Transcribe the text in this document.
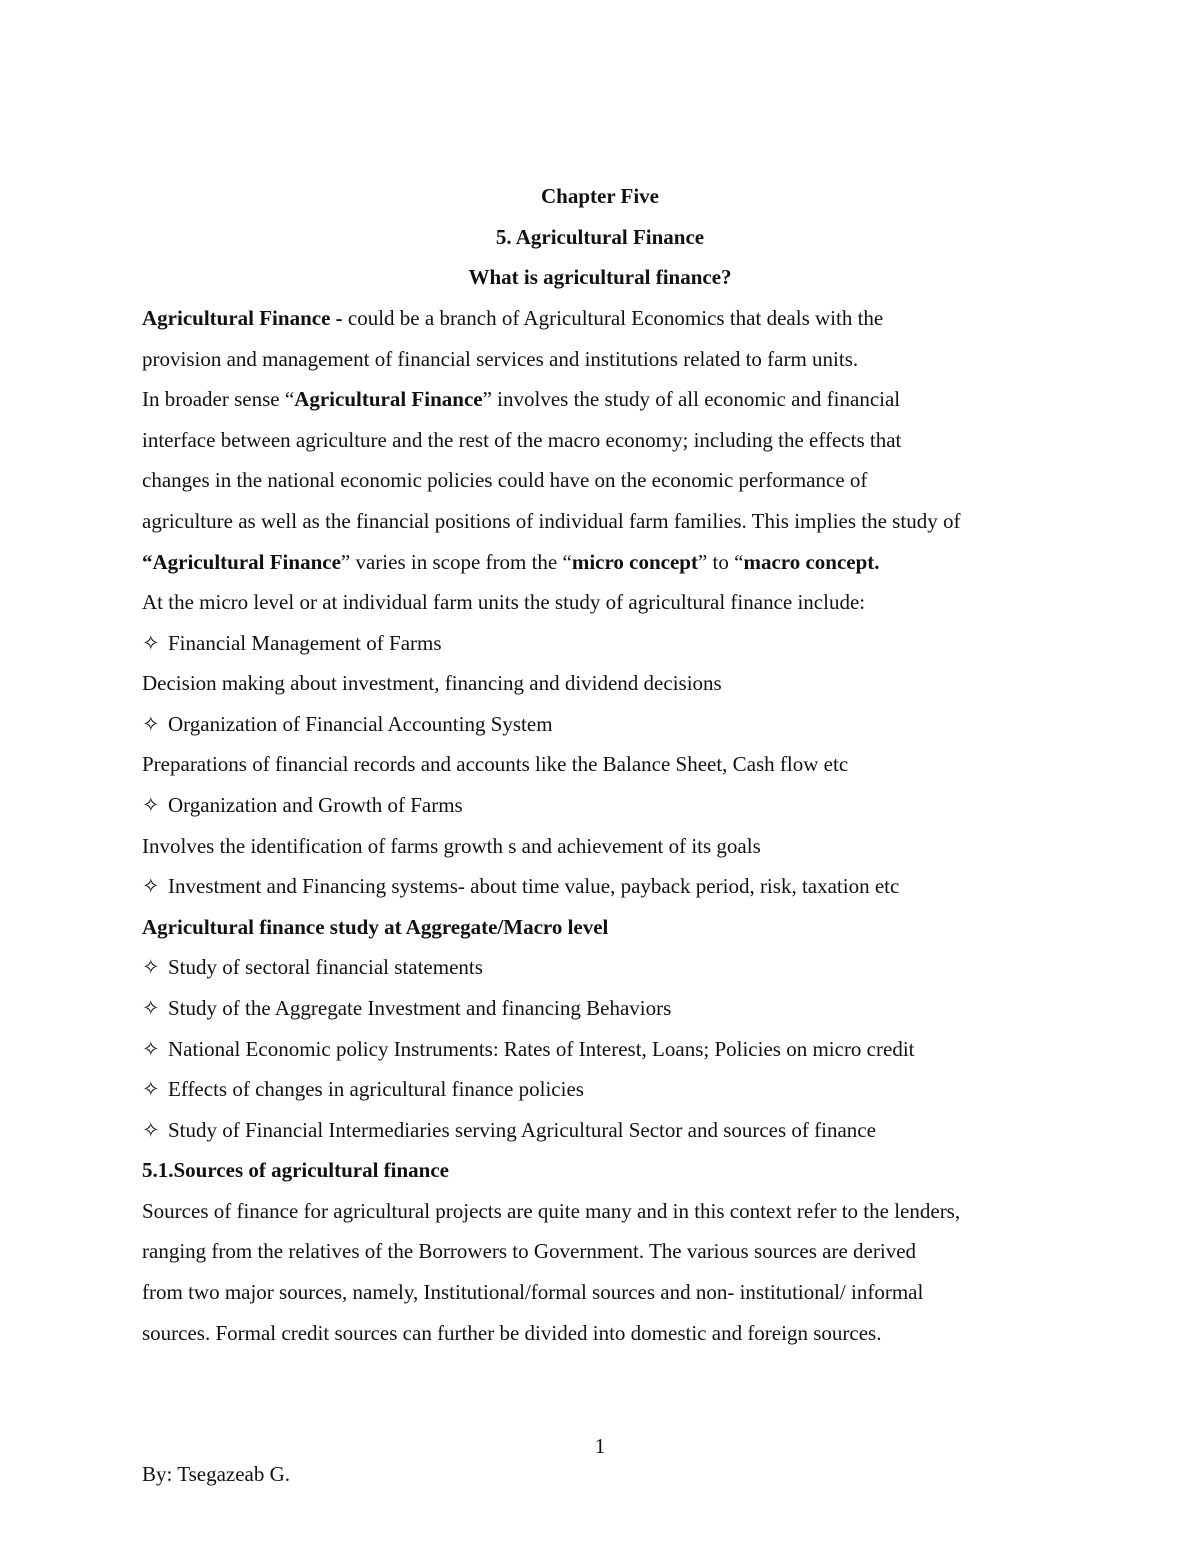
Chapter Five
5. Agricultural Finance
What is agricultural finance?
Agricultural Finance - could be a branch of Agricultural Economics that deals with the
provision and management of financial services and institutions related to farm units.
In broader sense “Agricultural Finance” involves the study of all economic and financial
interface between agriculture and the rest of the macro economy; including the effects that
changes in the national economic policies could have on the economic performance of
agriculture as well as the financial positions of individual farm families. This implies the study of
“Agricultural Finance” varies in scope from the “micro concept” to “macro concept.
At the micro level or at individual farm units the study of agricultural finance include:
✧ Financial Management of Farms
Decision making about investment, financing and dividend decisions
✧ Organization of Financial Accounting System
Preparations of financial records and accounts like the Balance Sheet, Cash flow etc
✧ Organization and Growth of Farms
Involves the identification of farms growth s and achievement of its goals
✧ Investment and Financing systems- about time value, payback period, risk, taxation etc
Agricultural finance study at Aggregate/Macro level
✧ Study of sectoral financial statements
✧ Study of the Aggregate Investment and financing Behaviors
✧ National Economic policy Instruments: Rates of Interest, Loans; Policies on micro credit
✧ Effects of changes in agricultural finance policies
✧ Study of Financial Intermediaries serving Agricultural Sector and sources of finance
5.1.Sources of agricultural finance
Sources of finance for agricultural projects are quite many and in this context refer to the lenders,
ranging from the relatives of the Borrowers to Government. The various sources are derived
from two major sources, namely, Institutional/formal sources and non- institutional/ informal
sources. Formal credit sources can further be divided into domestic and foreign sources.
1
By: Tsegazeab G.
